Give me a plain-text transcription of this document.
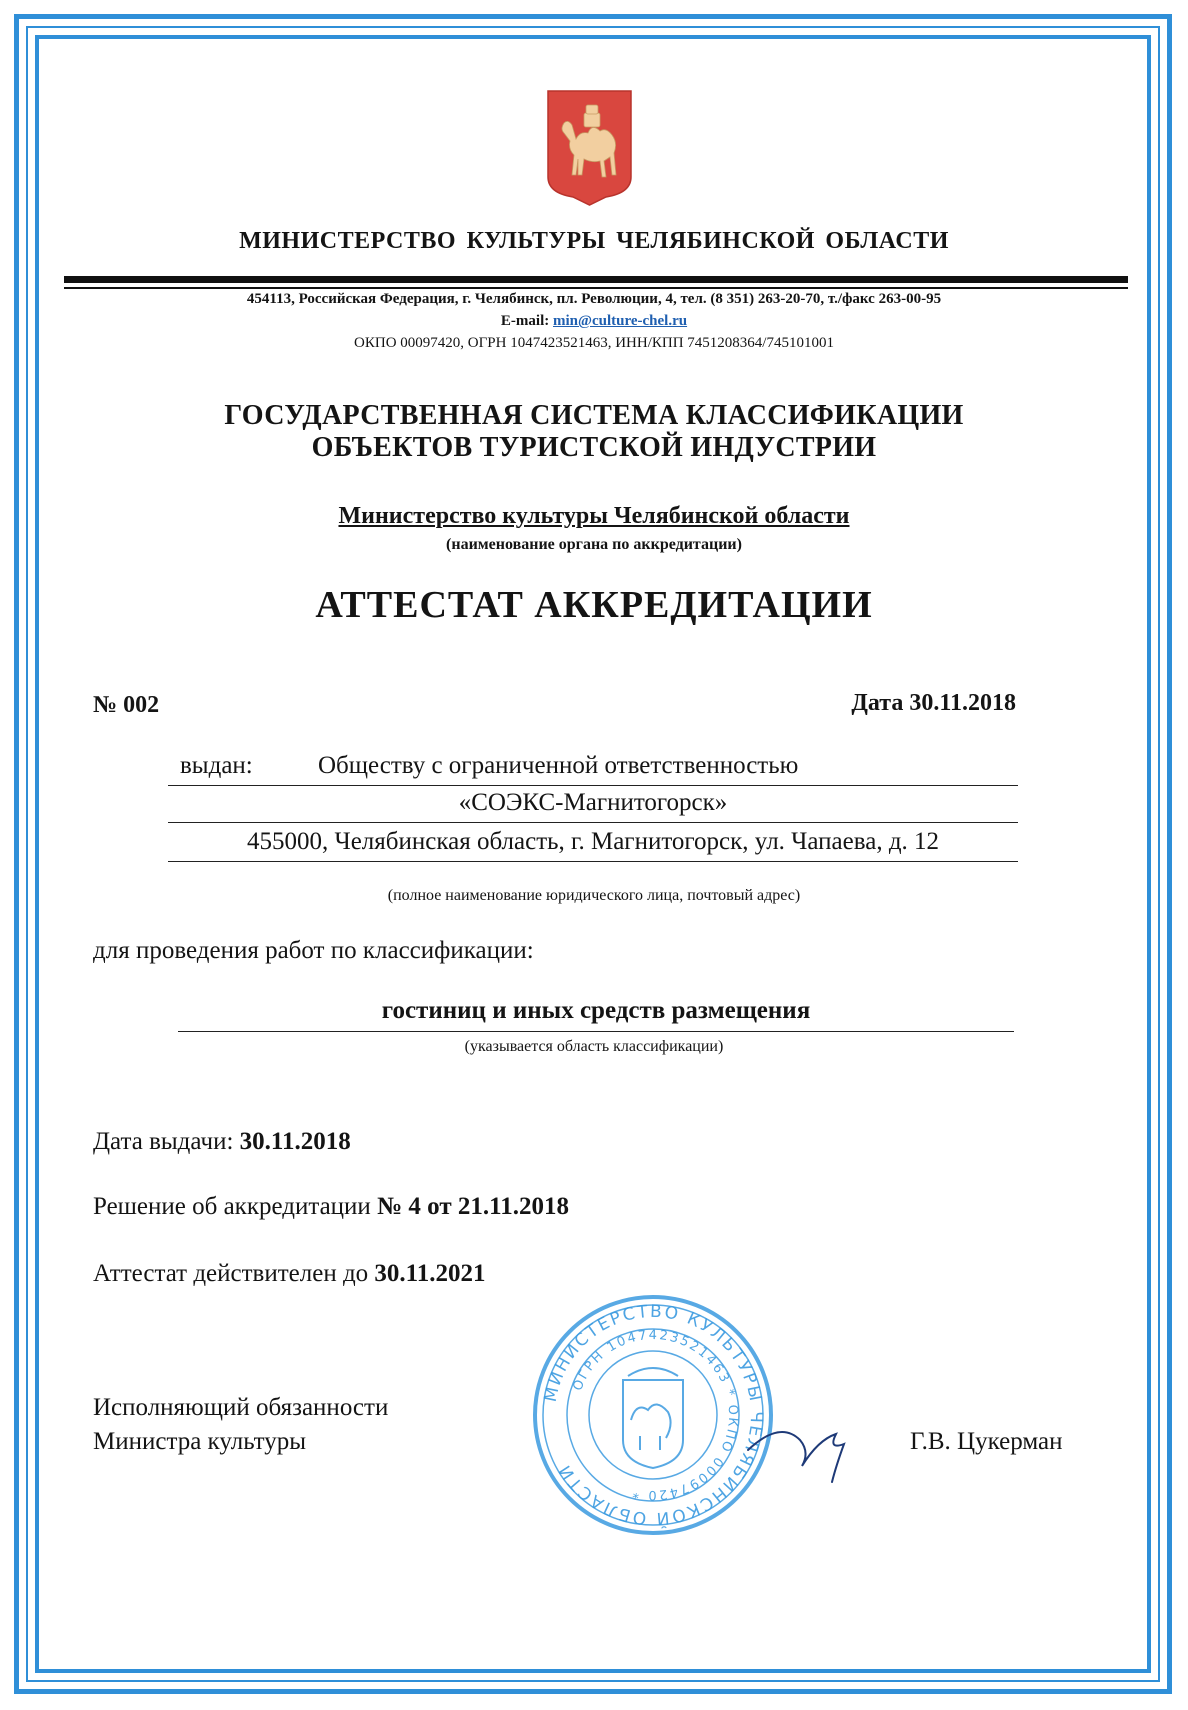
МИНИСТЕРСТВО КУЛЬТУРЫ ЧЕЛЯБИНСКОЙ ОБЛАСТИ
454113, Российская Федерация, г. Челябинск, пл. Революции, 4, тел. (8 351) 263-20-70, т./факс 263-00-95
E-mail: min@culture-chel.ru
ОКПО 00097420, ОГРН 1047423521463, ИНН/КПП 7451208364/745101001
ГОСУДАРСТВЕННАЯ СИСТЕМА КЛАССИФИКАЦИИ
ОБЪЕКТОВ ТУРИСТСКОЙ ИНДУСТРИИ
Министерство культуры Челябинской области
(наименование органа по аккредитации)
АТТЕСТАТ АККРЕДИТАЦИИ
№ 002	Дата 30.11.2018
выдан:	Обществу с ограниченной ответственностью
«СОЭКС-Магнитогорск»
455000, Челябинская область, г. Магнитогорск, ул. Чапаева, д. 12
(полное наименование юридического лица, почтовый адрес)
для проведения работ по классификации:
гостиниц и иных средств размещения
(указывается область классификации)
Дата выдачи: 30.11.2018
Решение об аккредитации № 4 от 21.11.2018
Аттестат действителен до 30.11.2021
МИНИСТЕРСТВО КУЛЬТУРЫ ЧЕЛЯБИНСКОЙ ОБЛАСТИ
ОГРН 1047423521463 * ОКПО 00097420 *
Исполняющий обязанности
Министра культуры	Г.В. Цукерман
